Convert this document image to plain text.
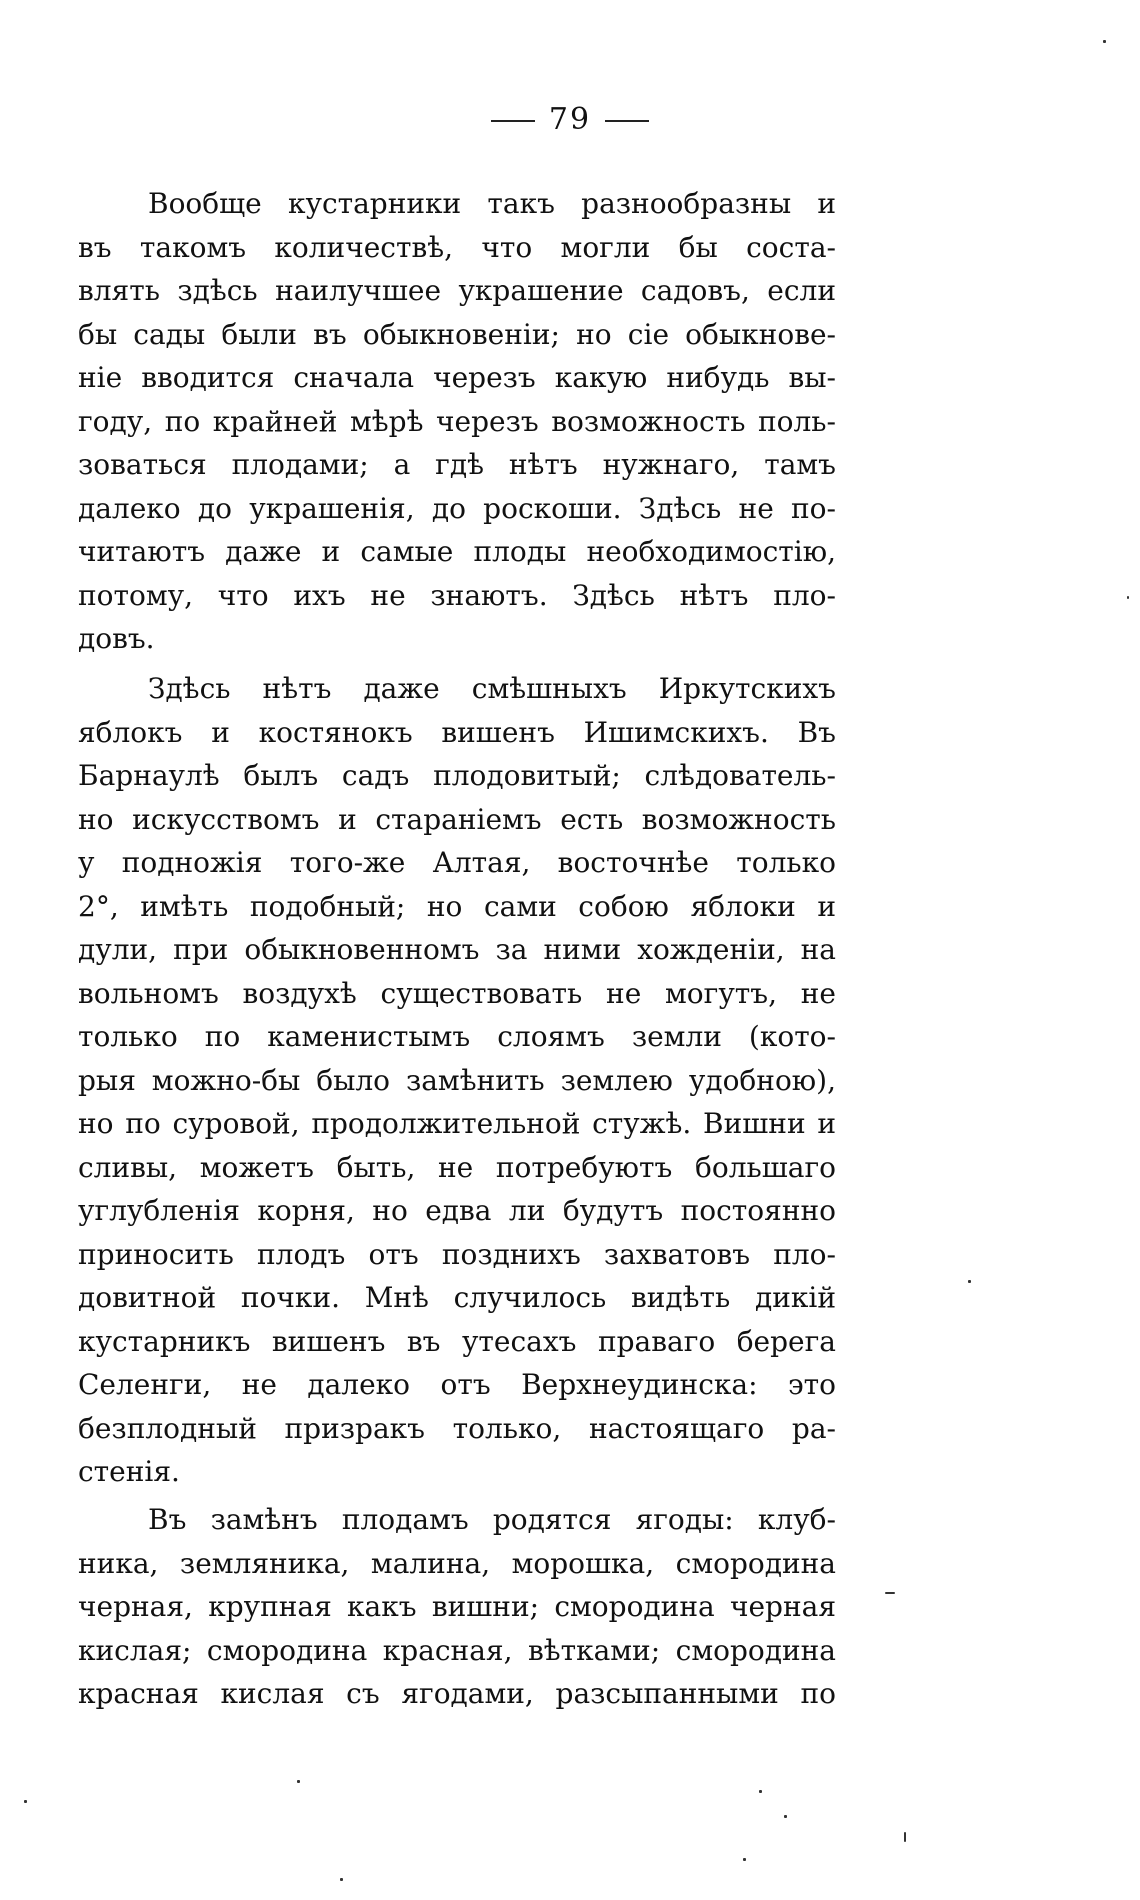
79
Вообще кустарники такъ разнообразны и
въ такомъ количествѣ, что могли бы соста-
влять здѣсь наилучшее украшение садовъ, если
бы сады были въ обыкновенiи; но сie обыкнове-
нie вводится сначала черезъ какую нибудь вы-
году, по крайней мѣрѣ черезъ возможность поль-
зоваться плодами; а гдѣ нѣтъ нужнаго, тамъ
далеко до украшенiя, до роскоши. Здѣсь не по-
читаютъ даже и самые плоды необходимостiю,
потому, что ихъ не знаютъ. Здѣсь нѣтъ пло-
довъ.
Здѣсь нѣтъ даже смѣшныхъ Иркутскихъ
яблокъ и костянокъ вишенъ Ишимскихъ. Въ
Барнаулѣ былъ садъ плодовитый; слѣдователь-
но искусствомъ и стараніемъ есть возможность
у подножія того-же Алтая, восточнѣе только
2°, имѣть подобный; но сами собою яблоки и
дули, при обыкновенномъ за ними хожденіи, на
вольномъ воздухѣ существовать не могутъ, не
только по каменистымъ слоямъ земли (кото-
рыя можно-бы было замѣнить землею удобною),
но по суровой, продолжительной стужѣ. Вишни и
сливы, можетъ быть, не потребуютъ большаго
углубленія корня, но едва ли будутъ постоянно
приносить плодъ отъ позднихъ захватовъ пло-
довитной почки. Мнѣ случилось видѣть дикій
кустарникъ вишенъ въ утесахъ праваго берега
Селенги, не далеко отъ Верхнеудинска: это
безплодный призракъ только, настоящаго ра-
стенія.
Въ замѣнъ плодамъ родятся ягоды: клуб-
ника, земляника, малина, морошка, смородина
черная, крупная какъ вишни; смородина черная
кислая; смородина красная, вѣтками; смородина
красная кислая съ ягодами, разсыпанными по
